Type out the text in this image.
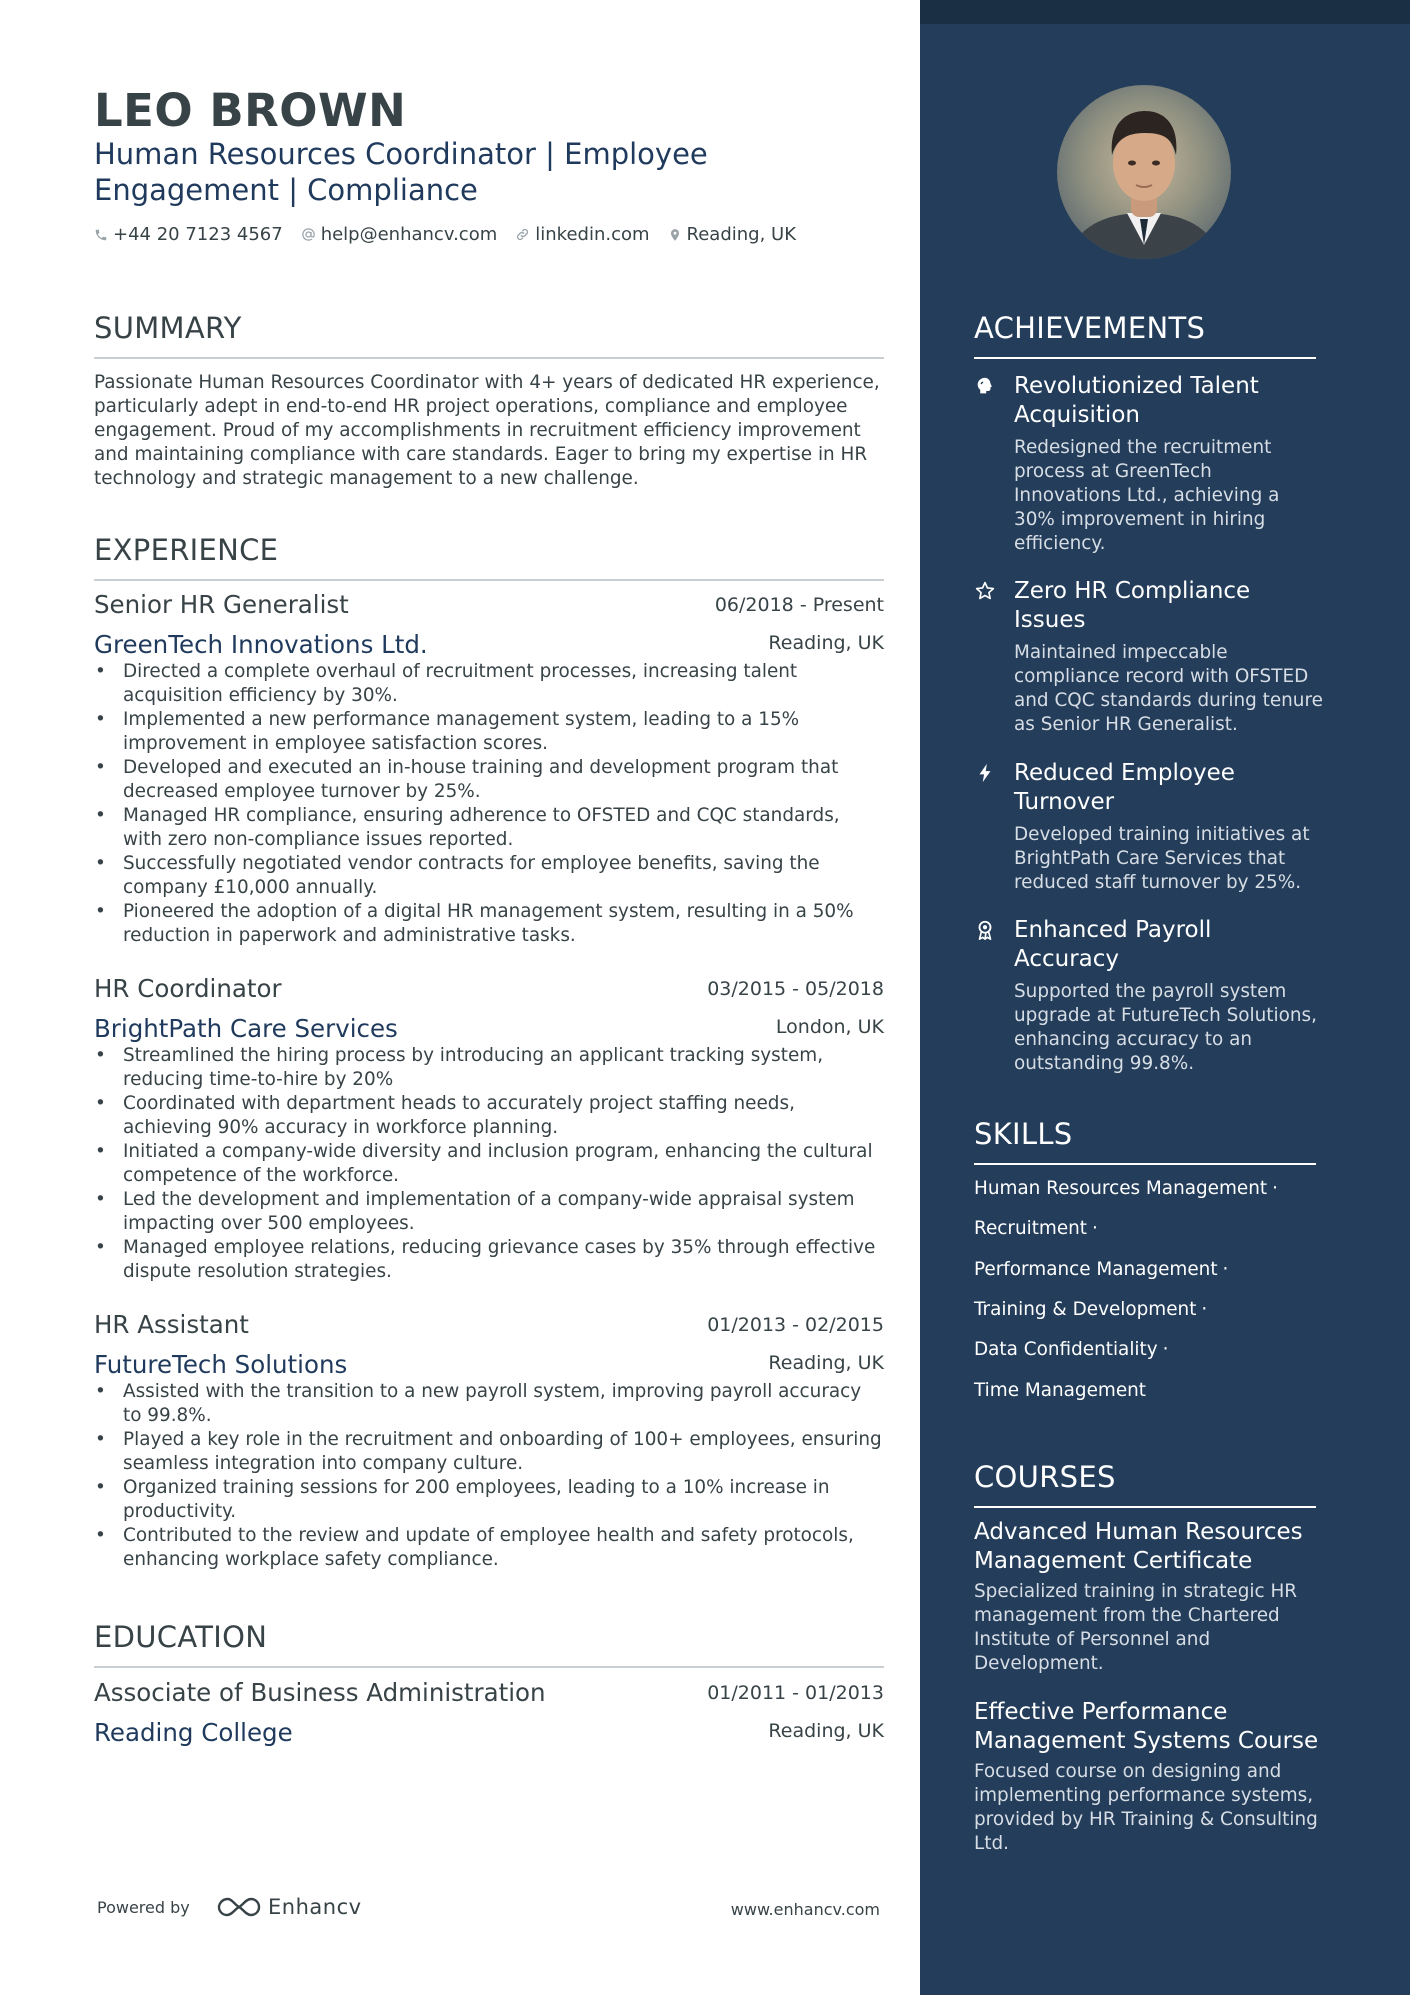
LEO BROWN
Human Resources Coordinator | Employee Engagement | Compliance
+44 20 7123 4567 help@enhancv.com linkedin.com Reading, UK
SUMMARY
Passionate Human Resources Coordinator with 4+ years of dedicated HR experience, particularly adept in end-to-end HR project operations, compliance and employee engagement. Proud of my accomplishments in recruitment efficiency improvement and maintaining compliance with care standards. Eager to bring my expertise in HR technology and strategic management to a new challenge.
EXPERIENCE
Senior HR Generalist	06/2018 - Present
GreenTech Innovations Ltd.	Reading, UK
• Directed a complete overhaul of recruitment processes, increasing talent acquisition efficiency by 30%.
• Implemented a new performance management system, leading to a 15% improvement in employee satisfaction scores.
• Developed and executed an in-house training and development program that decreased employee turnover by 25%.
• Managed HR compliance, ensuring adherence to OFSTED and CQC standards, with zero non-compliance issues reported.
• Successfully negotiated vendor contracts for employee benefits, saving the company £10,000 annually.
• Pioneered the adoption of a digital HR management system, resulting in a 50% reduction in paperwork and administrative tasks.
HR Coordinator	03/2015 - 05/2018
BrightPath Care Services	London, UK
• Streamlined the hiring process by introducing an applicant tracking system, reducing time-to-hire by 20%
• Coordinated with department heads to accurately project staffing needs, achieving 90% accuracy in workforce planning.
• Initiated a company-wide diversity and inclusion program, enhancing the cultural competence of the workforce.
• Led the development and implementation of a company-wide appraisal system impacting over 500 employees.
• Managed employee relations, reducing grievance cases by 35% through effective dispute resolution strategies.
HR Assistant	01/2013 - 02/2015
FutureTech Solutions	Reading, UK
• Assisted with the transition to a new payroll system, improving payroll accuracy to 99.8%.
• Played a key role in the recruitment and onboarding of 100+ employees, ensuring seamless integration into company culture.
• Organized training sessions for 200 employees, leading to a 10% increase in productivity.
• Contributed to the review and update of employee health and safety protocols, enhancing workplace safety compliance.
EDUCATION
Associate of Business Administration	01/2011 - 01/2013
Reading College	Reading, UK
Powered by	Enhancv	www.enhancv.com
ACHIEVEMENTS
Revolutionized Talent Acquisition
Redesigned the recruitment process at GreenTech Innovations Ltd., achieving a 30% improvement in hiring efficiency.
Zero HR Compliance Issues
Maintained impeccable compliance record with OFSTED and CQC standards during tenure as Senior HR Generalist.
Reduced Employee Turnover
Developed training initiatives at BrightPath Care Services that reduced staff turnover by 25%.
Enhanced Payroll Accuracy
Supported the payroll system upgrade at FutureTech Solutions, enhancing accuracy to an outstanding 99.8%.
SKILLS
Human Resources Management ·
Recruitment ·
Performance Management ·
Training & Development ·
Data Confidentiality ·
Time Management
COURSES
Advanced Human Resources Management Certificate
Specialized training in strategic HR management from the Chartered Institute of Personnel and Development.
Effective Performance Management Systems Course
Focused course on designing and implementing performance systems, provided by HR Training & Consulting Ltd.
